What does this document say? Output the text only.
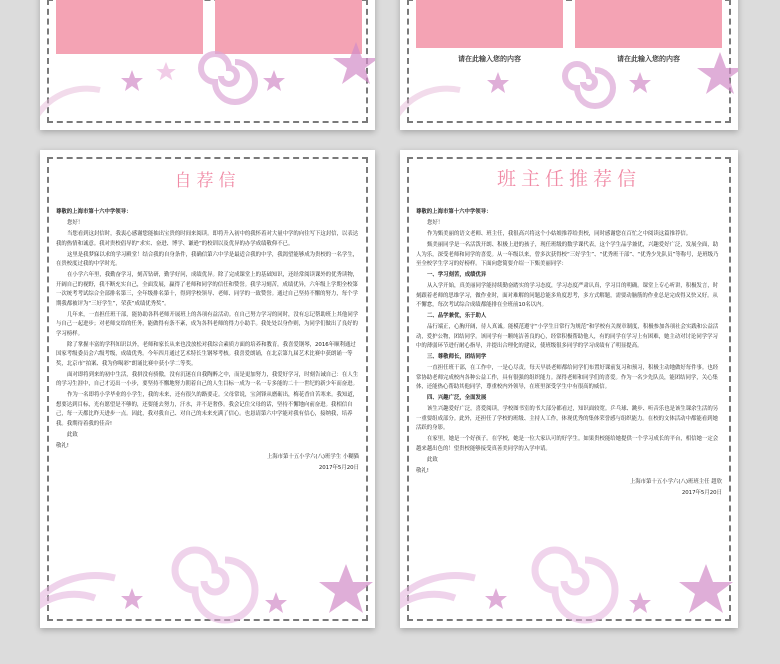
请在此输入您的内容	请在此输入您的内容
自荐信

尊敬的上海市第十六中学领导：

您好！

当您看到这封信时，我衷心感谢您能抽出宝贵的时间来阅读。即将升入初中的我怀着对大量中学的向往写下这封信，以表达我的热情和诚意。我对贵校倡导的“求实、奋进、博学、谦逊”的校训以及优异的办学成绩敬仰不已。

这里是我梦寐以求的学习殿堂！结合我的自身条件，我确信第六中学是最适合我的中学，我渴望能够成为贵校的一名学生，在贵校度过我的中学时光。

在小学六年里，我勤奋学习，刻苦钻研，勤学好问，成绩优异。除了完成课堂上的基础知识，还经常阅读课外的优秀读物，开阔自己的视野，我不断充实自己，全面发展，赢得了老师和同学的信任和赞誉。我学习刻苦，成绩优异，六年级上学期全校第一次统考考试综合全部排名第三，全年级排名第十，得到学校领导、老师、同学的一致赞誉。通过自己坚持不懈的努力，每个学期我都被评为“三好学生”，荣获“成绩优秀奖”。

几年来，一直担任班干部，能协助各科老师开展班上的各项有益活动。在自己努力学习的同时，没有忘记帮助班上其他同学与自己一起进步；对老师交给的任务，能做得有条不紊，成为各科老师的得力小助手。我处处以身作则，为同学们做出了良好的学习榜样。

除了掌握丰富的学科知识以外，老师和家长从来也没放松对我综合素质方面的培养和教育。我喜爱钢琴，2016年顺利通过国家考级委员会六级考级，成绩优秀。今年四月通过艺术特长生钢琴考核。我喜爱朗诵，在北京第九届艺术比赛中获朗诵一等奖，北京市“拍案、我为你喝彩”朗诵比赛中获小学二等奖。

面对即将到来的初中生活，我拼没有骄傲，没有沉迷在自我陶醉之中，而是更加努力，我爱好学习，时刻告诫自己：在人生的学习生涯中，自己才迈出一小步，要坚持不懈地努力朝着自己的人生目标一成为一名一专多能的二十一世纪的新少年而奋进。

作为一名即将小学毕业的小学生，我的未来，还有很久的路要走。父母常说，宝剑锋从磨砺出，梅花香自苦寒来。我知道，想要达到目标，光有愿望是不够的，还要能去努力，汗水，并不是奢侈。我会记住父母的话，坚持不懈地向前奋进。我相信自己，每一天都比昨天进步一点。因此，我对我自己、对自己的未来充满了信心。也恳请第六中学能对我有信心，接纳我，培养我。我期待着我的佳音!

此致

敬礼!

上海市第十五小学六(八)班学生 小糊猫

2017年5月20日

班主任推荐信

尊敬的上海市第十六中学领导：

您好！

作为甄美丽的语文老师、班主任，我很高兴将这个小姑娘推荐给贵校，同时感谢您在百忙之中阅读这篇推荐信。

甄美丽同学是一名活泼开朗、积极上进的孩子，现任班级的数学课代表，这个学生品学兼优，兴趣爱好广泛，发展全面，助人为乐，深受老师和同学的喜爱。从一年级以来，曾多次获得校“三好学生”、“优秀班干部”、“优秀少先队员”等称号，是班级乃至全校学生学习的好榜样。下面向您简要介绍一下甄美丽同学：

一、学习刻苦，成绩优异

从入学开始，真美丽同学能持续勤奋踏实的学习态度，学习态度严肃认真，学习目的明确。课堂上专心听讲，积极发言，时刻跟着老师的思维学习，做作业时，面对难解的问题总能多角度思考，多方式解题，需要动脑筋的作业总是完成得又快又好。从不懈怠，每次考试综合成绩都能排在全班前10名以内。

二、品学兼优，乐于助人

品行端正，心胸开阔，待人真诚。能模范遵守“小学生日常行为规范”和学校有关规章制度，积极参加各项社会实践和公益活动，爱护公物，团结同学。该同学有一颗纯洁善良的心，经常积极帮助他人，有的同学在学习上有困难，她主动对讨论同学学习中的薄弱环节进行耐心指导，并提出合理化的建议，使班级很多同学的学习成绩有了明显提高。

三、尊敬师长，团结同学

一直担任班干部，在工作中，一是心尽责，每天早晨老师都给同学们布置好课前复习和预习，积极主动地做好每件事。也经常协助老师完成校内各种公益工作，具有很强的组织能力。深得老师和同学们的喜爱。作为一名少先队员，能团结同学，关心集体，还能热心帮助其他同学，尊重校内外领导，在班里深受学生中有很高的威信。

四、兴趣广泛，全面发展

该生兴趣爱好广泛，喜爱阅读，学校图书室的书大部分都看过，知识面较宽。乒乓球、跳步、听音乐也是该生课余生活的另一重要组成部分。此外，还担任了学校的班级、主持人工作，体现优秀的集体荣誉感与组织能力。在校的文体活动中都能看到她活跃的身影。

在家里，她是一个好孩子。在学校，她是一位大家认可的好学生。如果贵校能给她提供一个学习成长的平台，相信她一定会越来越出色的！望贵校能够接受真善美同学的入学申请。

此致

敬礼!

上海市第十五小学六(八)班班主任 趙欣

2017年5月20日
